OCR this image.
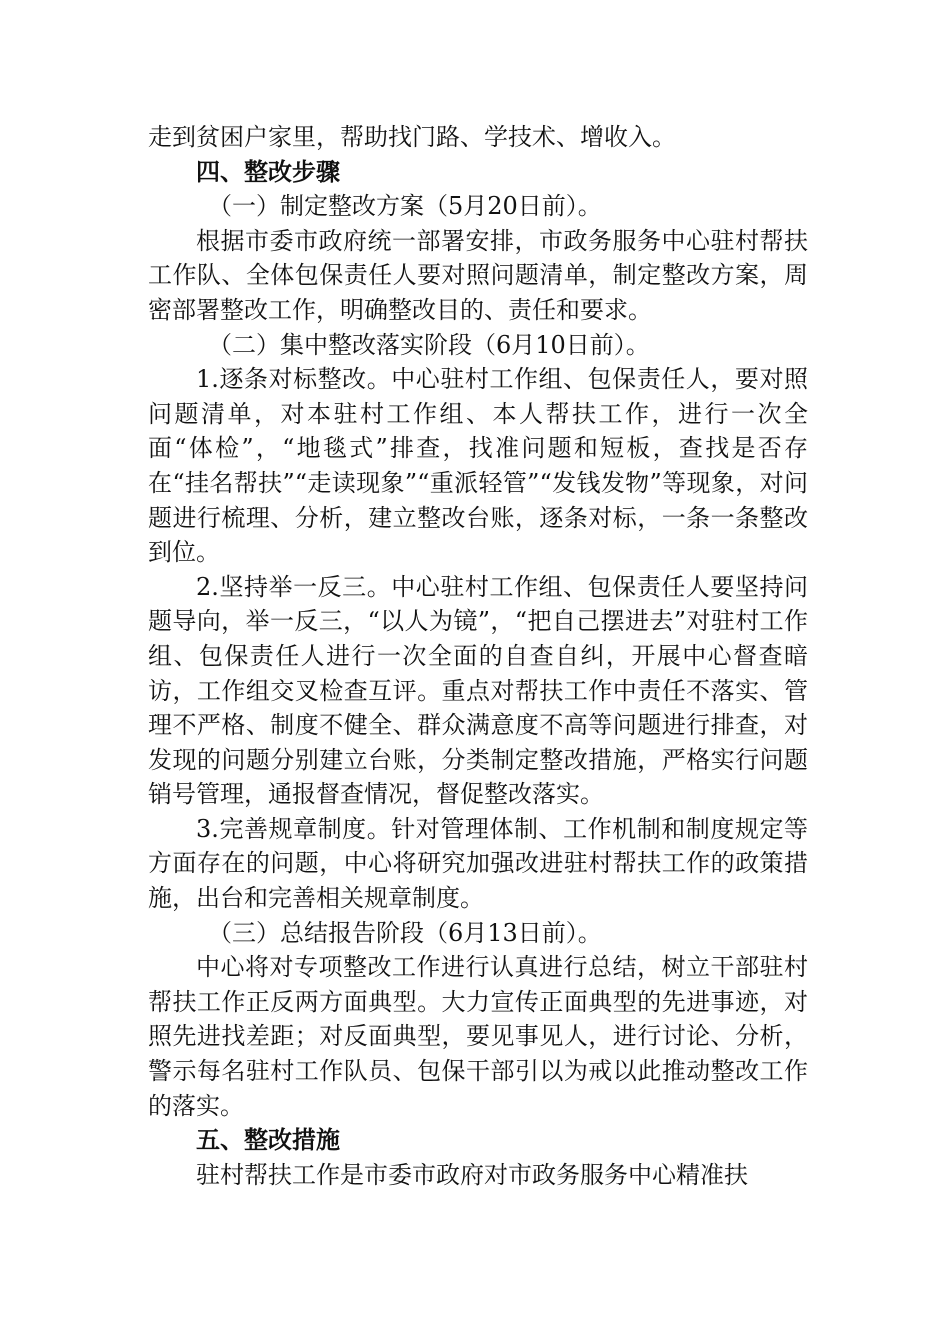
走到贫困户家里，帮助找门路、学技术、增收入。

四、整改步骤

（一）制定整改方案（5月20日前）。

根据市委市政府统一部署安排，市政务服务中心驻村帮扶工作队、全体包保责任人要对照问题清单，制定整改方案，周密部署整改工作，明确整改目的、责任和要求。

（二）集中整改落实阶段（6月10日前）。

1.逐条对标整改。中心驻村工作组、包保责任人，要对照问题清单，对本驻村工作组、本人帮扶工作，进行一次全面“体检”，“地毯式”排查，找准问题和短板，查找是否存在“挂名帮扶”“走读现象”“重派轻管”“发钱发物”等现象，对问题进行梳理、分析，建立整改台账，逐条对标，一条一条整改到位。

2.坚持举一反三。中心驻村工作组、包保责任人要坚持问题导向，举一反三，“以人为镜”，“把自己摆进去”对驻村工作组、包保责任人进行一次全面的自查自纠，开展中心督查暗访，工作组交叉检查互评。重点对帮扶工作中责任不落实、管理不严格、制度不健全、群众满意度不高等问题进行排查，对发现的问题分别建立台账，分类制定整改措施，严格实行问题销号管理，通报督查情况，督促整改落实。

3.完善规章制度。针对管理体制、工作机制和制度规定等方面存在的问题，中心将研究加强改进驻村帮扶工作的政策措施，出台和完善相关规章制度。

（三）总结报告阶段（6月13日前）。

中心将对专项整改工作进行认真进行总结，树立干部驻村帮扶工作正反两方面典型。大力宣传正面典型的先进事迹，对照先进找差距；对反面典型，要见事见人，进行讨论、分析，警示每名驻村工作队员、包保干部引以为戒以此推动整改工作的落实。

五、整改措施

驻村帮扶工作是市委市政府对市政务服务中心精准扶
